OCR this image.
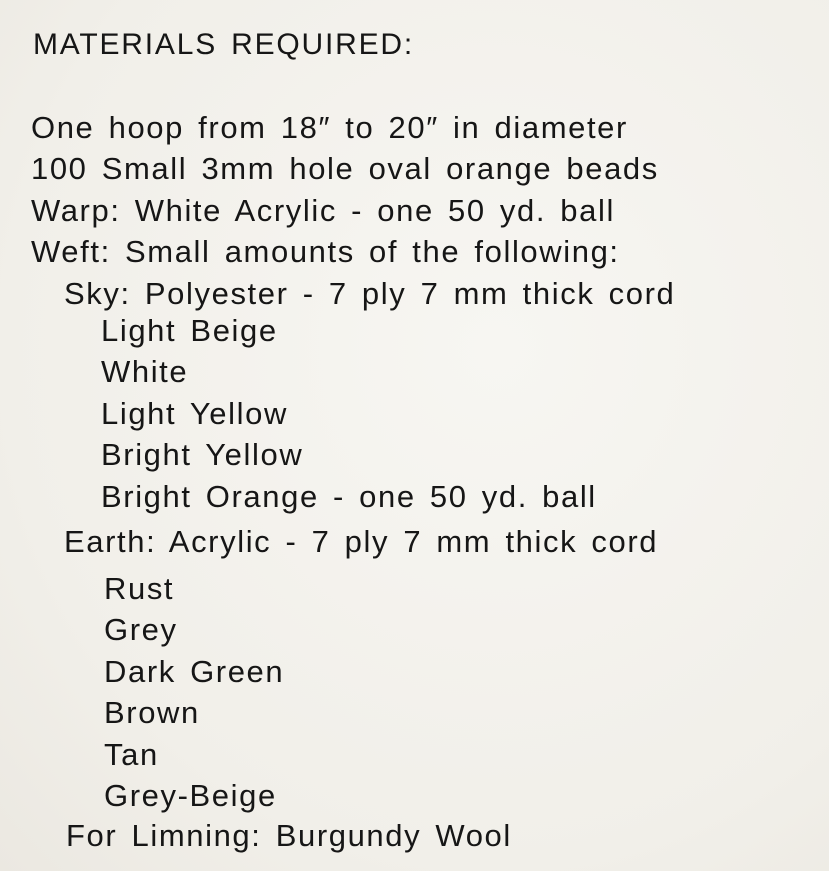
MATERIALS REQUIRED:
One hoop from 18″ to 20″ in diameter
100 Small 3mm hole oval orange beads
Warp: White Acrylic - one 50 yd. ball
Weft: Small amounts of the following:
Sky: Polyester - 7 ply 7 mm thick cord
Light Beige
White
Light Yellow
Bright Yellow
Bright Orange - one 50 yd. ball
Earth: Acrylic - 7 ply 7 mm thick cord
Rust
Grey
Dark Green
Brown
Tan
Grey-Beige
For Limning: Burgundy Wool
